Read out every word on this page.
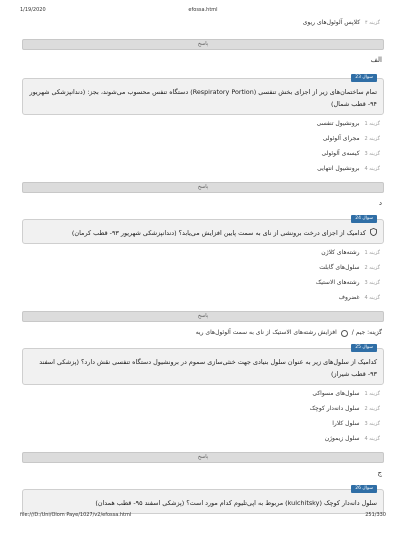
1/19/2020	efossa.html
گزینه ۴ کلاپس آلوئول‌های ریوی
پاسخ
الف
سوال 23
تمام ساختمان‌های زیر از اجزای بخش تنفسی (Respiratory Portion) دستگاه تنفس محسوب می‌شوند، بجز: (دندانپزشکی شهریور ۹۴- قطب شمال)
گزینه 1 برونشیول تنفسی
گزینه 2 مجرای آلوئولی
گزینه 3 کیسه‌ی آلوئولی
گزینه 4 برونشیول انتهایی
پاسخ
د
سوال 24
کدامیک از اجزای درخت برونشی از نای به سمت پایین افزایش می‌یابد؟ (دندانپزشکی شهریور ۹۳- قطب کرمان)
گزینه 1 رشته‌های کلاژن
گزینه 2 سلول‌های گابلت
گزینه 3 رشته‌های الاستیک
گزینه 4 غضروف
پاسخ
گزینه: جیم /
افزایش رشته‌های الاستیک از نای به سمت آلوئول‌های ریه
سوال 25
کدامیک از سلول‌های زیر به عنوان سلول بنیادی جهت خنثی‌سازی سموم در برونشیول دستگاه تنفسی نقش دارد؟ (پزشکی اسفند ۹۳- قطب شیراز)
گزینه 1 سلول‌های مسواکی
گزینه 2 سلول دانه‌دار کوچک
گزینه 3 سلول کلارا
گزینه 4 سلول زیموژن
پاسخ
ج
سوال 26
سلول دانه‌دار کوچک (kulchitsky) مربوط به اپی‌تلیوم کدام مورد است؟ (پزشکی اسفند ۹۵- قطب همدان)
file:///D:/Uni/Olom Paye/1027/v2/efossa.html	251/330
